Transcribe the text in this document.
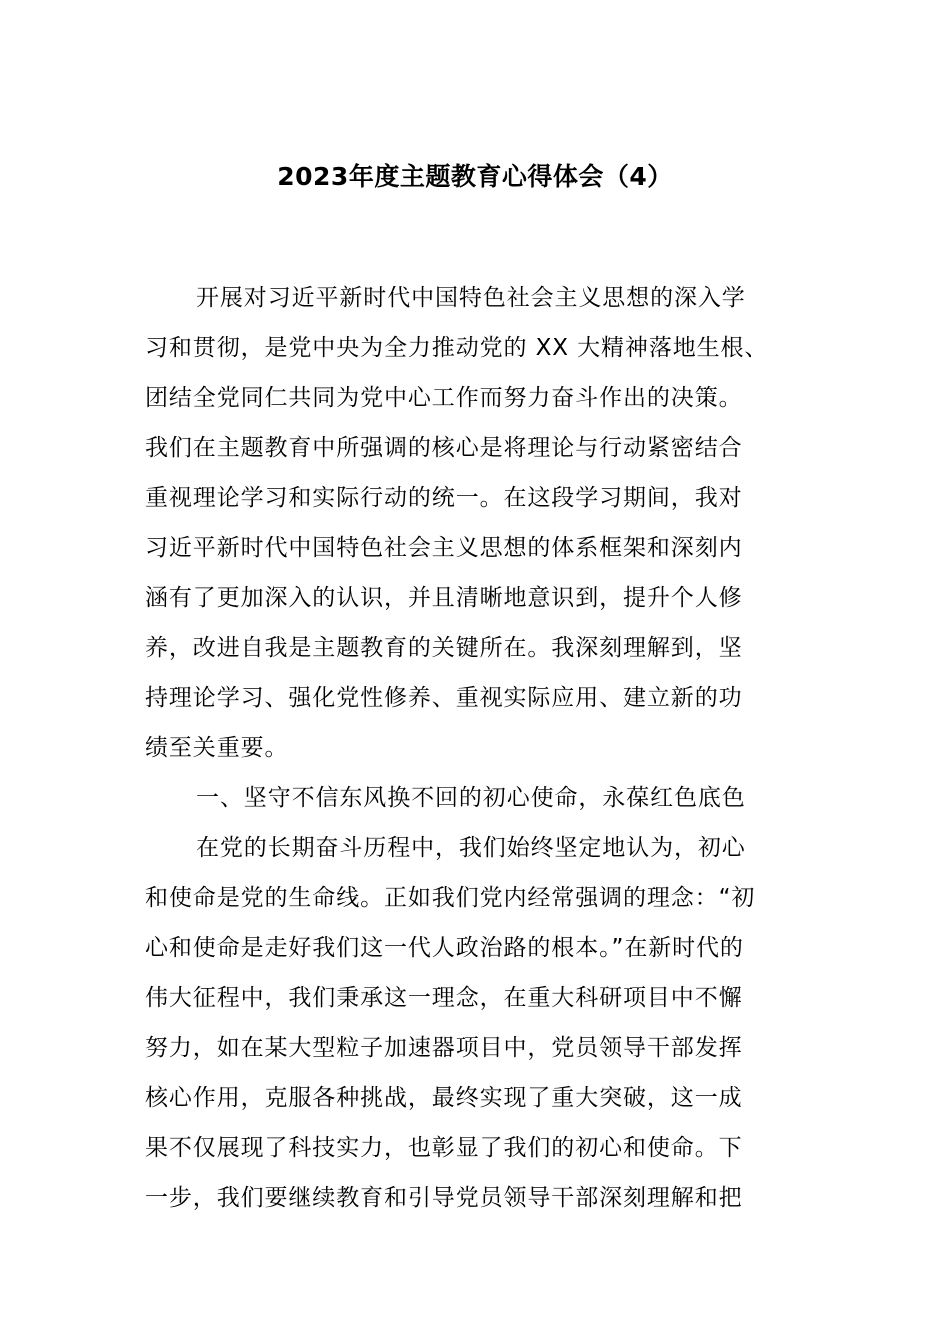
2023年度主题教育心得体会（4）
开展对习近平新时代中国特色社会主义思想的深入学
习和贯彻，是党中央为全力推动党的 XX 大精神落地生根、
团结全党同仁共同为党中心工作而努力奋斗作出的决策。
我们在主题教育中所强调的核心是将理论与行动紧密结合
重视理论学习和实际行动的统一。在这段学习期间，我对
习近平新时代中国特色社会主义思想的体系框架和深刻内
涵有了更加深入的认识，并且清晰地意识到，提升个人修
养，改进自我是主题教育的关键所在。我深刻理解到，坚
持理论学习、强化党性修养、重视实际应用、建立新的功
绩至关重要。
一、坚守不信东风换不回的初心使命，永葆红色底色
在党的长期奋斗历程中，我们始终坚定地认为，初心
和使命是党的生命线。正如我们党内经常强调的理念：“初
心和使命是走好我们这一代人政治路的根本。”在新时代的
伟大征程中，我们秉承这一理念，在重大科研项目中不懈
努力，如在某大型粒子加速器项目中，党员领导干部发挥
核心作用，克服各种挑战，最终实现了重大突破，这一成
果不仅展现了科技实力，也彰显了我们的初心和使命。下
一步，我们要继续教育和引导党员领导干部深刻理解和把
